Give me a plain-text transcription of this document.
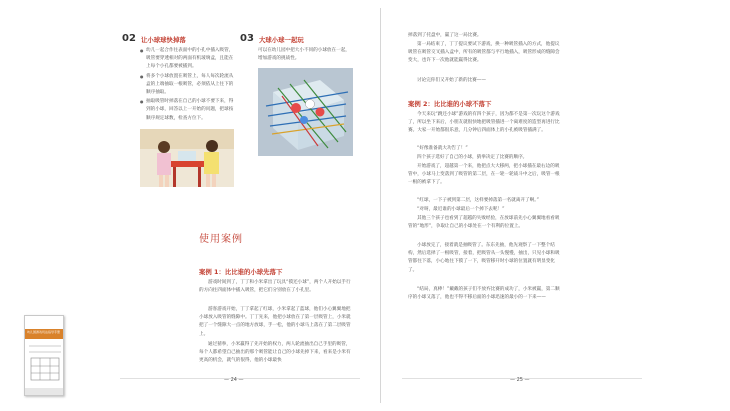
02 让小球球快掉落
● 幼儿一起合作往表面中的小孔中插入吸管，吸管要穿透相对的两面有机玻璃盒，且能在上每个小孔都要被插到。
● 将多个小球放置在吸管上，每人每次轮流从盒的上端抽取一根吸管，必须依从上往下的顺序抽取。
● 抽取吸管时掉落在自己的小球不要下来，得到的小球，回答以上一开始的问题，把球按顺序规定球数，检查方位下。
03 大球小球一起玩
可以在幼儿园中把大小不同的小球放在一起，增加游戏的挑战性。
使用案例
案例 1：比比谁的小球先落下
游戏时间到了，丁丁和小米拿出了玩具“摸还小球”，两个人开始以手行的方向往四面体中插入吸管，把它们分别放在了小孔里。
游客游戏开始，丁丁拿起了红球，小米拿起了蓝球，他们小心翼翼地把小球放入吸管的缝隙中。丁丁先来，他把小球放在了第一层吸管上，小米就把了一个缝隙大一点的地方放球，手一松，他的小球马上落在了第二层吸管上。
通过猜拳，小米赢得了先开始的权力，两人轮流抽出自己手里的吸管，每个人都希望自己抽出的那个吸管能让自己的小球先掉下来，看来是小米有更高的机会，就气的很得，他的小球最快
— 24 —
幼儿园游戏玩法指导手册
掉落到了托盘中，赢了这一局比赛。
第一局结束了，丁丁提议要试下游戏，换一种吸管插入的方式，他提议吸管在吸管交叉插入盒中，所有的吸管都与平行地插入，吸管形成的缝隙会变大，也许下一次他就能赢得比赛。
讨论完你们又开始了新的比赛——
案例 2：比比谁的小球不落下
今天来玩“跳还小球”游戏的有四个孩子，因为都不是第一次玩这个游戏了，所以坐下来后，小朋友就很快地把吸管插进一个离难度的造型再进行比赛。大家一开始都很乐意，几分钟后四面体上的小孔被吸管插满了。
“好像准备就大功告了！”
四个孩子选好了自己的小球，猜拳决定了比赛的顺序。
开始游戏了，超越第一个来，他把点大大移两，把小球插在最右边的吸管中，小球马上变落到了吸管的第二层，在一轮一轮战斗中之后，吸管一根一根的被拿下了。
“红球，一下子被到第二层，这样要掉落第一名就离开了啊。”
“对呀，最近谁的小球最后一个掉下去呢！”
其他三个孩子也看到了超越的失败经验，在放球前先小心翼翼地看看吸管的“地形”，争取让自己的小球处在一个有利的位置上。
小球放完了，接着就是抽吸管了。东东先抽，他先观察了一下整个结构，然后选择了一根吸管，接着，把吸管从一头慢慢，抽出，只见小球和吸管都往下落，小心地往下摸了一下，吸管移开时小球的位置就有明显变化了。
“结局，真棒！”戴戴的孩子们不放弃比赛的成功了，小米被赢，第二顺序的小球又落了，他也不得不移后面的小球迅速的最小的一下来——
— 25 —
